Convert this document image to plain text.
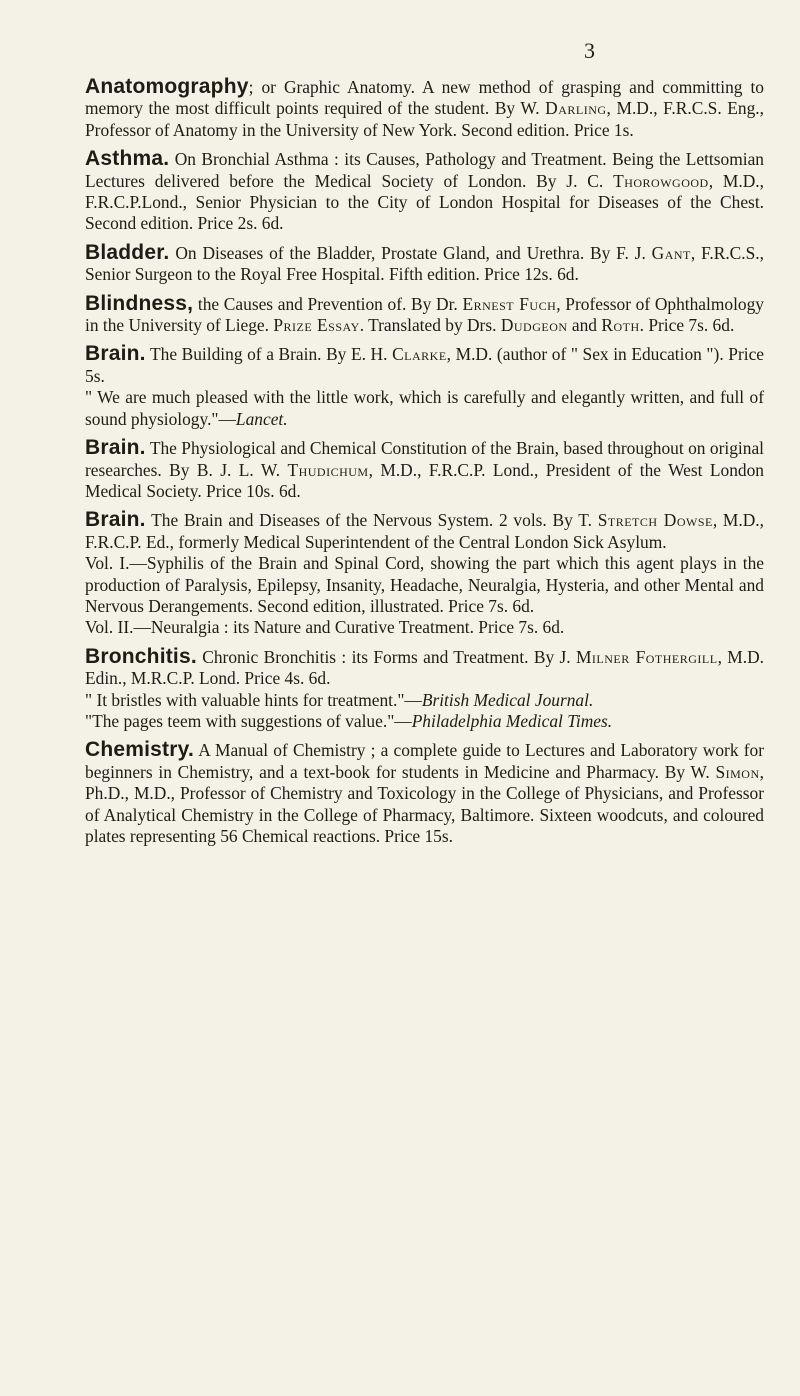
3

Anatomography; or Graphic Anatomy. A new method of grasping and committing to memory the most difficult points required of the student. By W. Darling, M.D., F.R.C.S. Eng., Professor of Anatomy in the University of New York. Second edition. Price 1s.

Asthma. On Bronchial Asthma : its Causes, Pathology and Treatment. Being the Lettsomian Lectures delivered before the Medical Society of London. By J. C. Thorowgood, M.D., F.R.C.P.Lond., Senior Physician to the City of London Hospital for Diseases of the Chest. Second edition. Price 2s. 6d.

Bladder. On Diseases of the Bladder, Prostate Gland, and Urethra. By F. J. Gant, F.R.C.S., Senior Surgeon to the Royal Free Hospital. Fifth edition. Price 12s. 6d.

Blindness, the Causes and Prevention of. By Dr. Ernest Fuch, Professor of Ophthalmology in the University of Liege. Prize Essay. Translated by Drs. Dudgeon and Roth. Price 7s. 6d.

Brain. The Building of a Brain. By E. H. Clarke, M.D. (author of " Sex in Education "). Price 5s.

" We are much pleased with the little work, which is carefully and elegantly written, and full of sound physiology."—Lancet.

Brain. The Physiological and Chemical Constitution of the Brain, based throughout on original researches. By B. J. L. W. Thudichum, M.D., F.R.C.P. Lond., President of the West London Medical Society. Price 10s. 6d.

Brain. The Brain and Diseases of the Nervous System. 2 vols. By T. Stretch Dowse, M.D., F.R.C.P. Ed., formerly Medical Superintendent of the Central London Sick Asylum.

Vol. I.—Syphilis of the Brain and Spinal Cord, showing the part which this agent plays in the production of Paralysis, Epilepsy, Insanity, Headache, Neuralgia, Hysteria, and other Mental and Nervous Derangements. Second edition, illustrated. Price 7s. 6d.

Vol. II.—Neuralgia : its Nature and Curative Treatment. Price 7s. 6d.

Bronchitis. Chronic Bronchitis : its Forms and Treatment. By J. Milner Fothergill, M.D. Edin., M.R.C.P. Lond. Price 4s. 6d.

" It bristles with valuable hints for treatment."—British Medical Journal.

"The pages teem with suggestions of value."—Philadelphia Medical Times.

Chemistry. A Manual of Chemistry ; a complete guide to Lectures and Laboratory work for beginners in Chemistry, and a text-book for students in Medicine and Pharmacy. By W. Simon, Ph.D., M.D., Professor of Chemistry and Toxicology in the College of Physicians, and Professor of Analytical Chemistry in the College of Pharmacy, Baltimore. Sixteen woodcuts, and coloured plates representing 56 Chemical reactions. Price 15s.
